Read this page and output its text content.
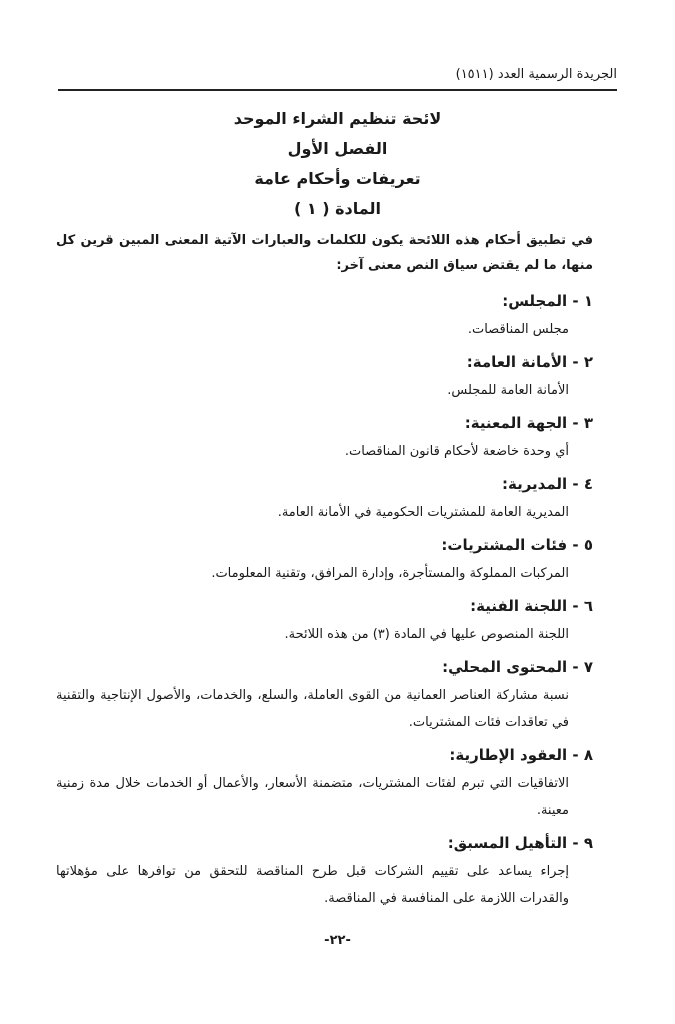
الجريدة الرسمية العدد (١٥١١)

لائحة تنظيم الشراء الموحد

الفصل الأول

تعريفات وأحكام عامة

المادة ( ١ )

في تطبيق أحكام هذه اللائحة يكون للكلمات والعبارات الآتية المعنى المبين قرين كل منها، ما لم يقتض سياق النص معنى آخر:
١ - المجلس:
مجلس المناقصات.
٢ - الأمانة العامة:
الأمانة العامة للمجلس.
٣ - الجهة المعنية:
أي وحدة خاضعة لأحكام قانون المناقصات.
٤ - المديرية:
المديرية العامة للمشتريات الحكومية في الأمانة العامة.
٥ - فئات المشتريات:
المركبات المملوكة والمستأجرة، وإدارة المرافق، وتقنية المعلومات.
٦ - اللجنة الفنية:
اللجنة المنصوص عليها في المادة (٣) من هذه اللائحة.
٧ - المحتوى المحلي:
نسبة مشاركة العناصر العمانية من القوى العاملة، والسلع، والخدمات، والأصول الإنتاجية والتقنية في تعاقدات فئات المشتريات.
٨ - العقود الإطارية:
الاتفاقيات التي تبرم لفئات المشتريات، متضمنة الأسعار، والأعمال أو الخدمات خلال مدة زمنية معينة.
٩ - التأهيل المسبق:
إجراء يساعد على تقييم الشركات قبل طرح المناقصة للتحقق من توافرها على مؤهلاتها والقدرات اللازمة على المنافسة في المناقصة.
-٢٢-
